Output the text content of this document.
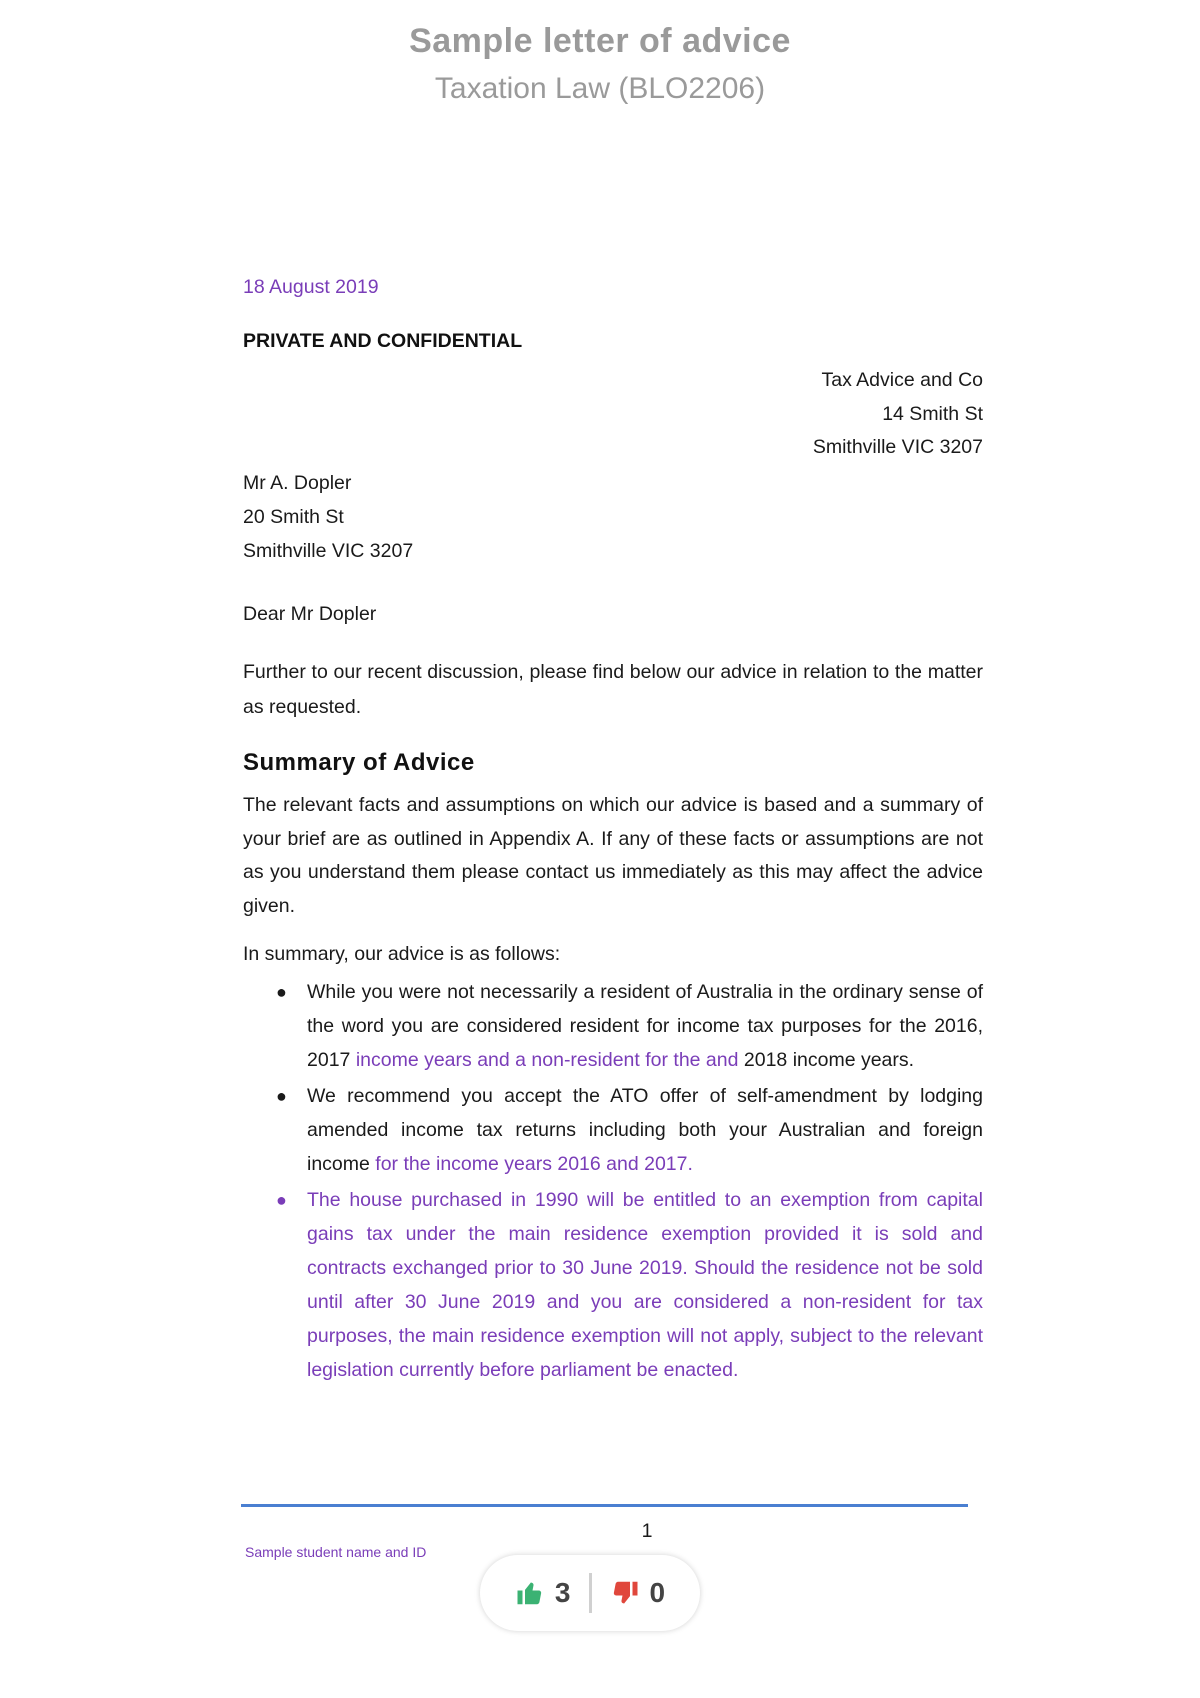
Sample letter of advice
Taxation Law (BLO2206)
18 August 2019
PRIVATE AND CONFIDENTIAL
Tax Advice and Co
14 Smith St
Smithville VIC 3207
Mr A. Dopler
20 Smith St
Smithville VIC 3207
Dear Mr Dopler
Further to our recent discussion, please find below our advice in relation to the matter as requested.
Summary of Advice
The relevant facts and assumptions on which our advice is based and a summary of your brief are as outlined in Appendix A. If any of these facts or assumptions are not as you understand them please contact us immediately as this may affect the advice given.
In summary, our advice is as follows:
● While you were not necessarily a resident of Australia in the ordinary sense of the word you are considered resident for income tax purposes for the 2016, 2017 income years and a non-resident for the and 2018 income years.
● We recommend you accept the ATO offer of self-amendment by lodging amended income tax returns including both your Australian and foreign income for the income years 2016 and 2017.
● The house purchased in 1990 will be entitled to an exemption from capital gains tax under the main residence exemption provided it is sold and contracts exchanged prior to 30 June 2019. Should the residence not be sold until after 30 June 2019 and you are considered a non-resident for tax purposes, the main residence exemption will not apply, subject to the relevant legislation currently before parliament be enacted.
1
Sample student name and ID
3	0
